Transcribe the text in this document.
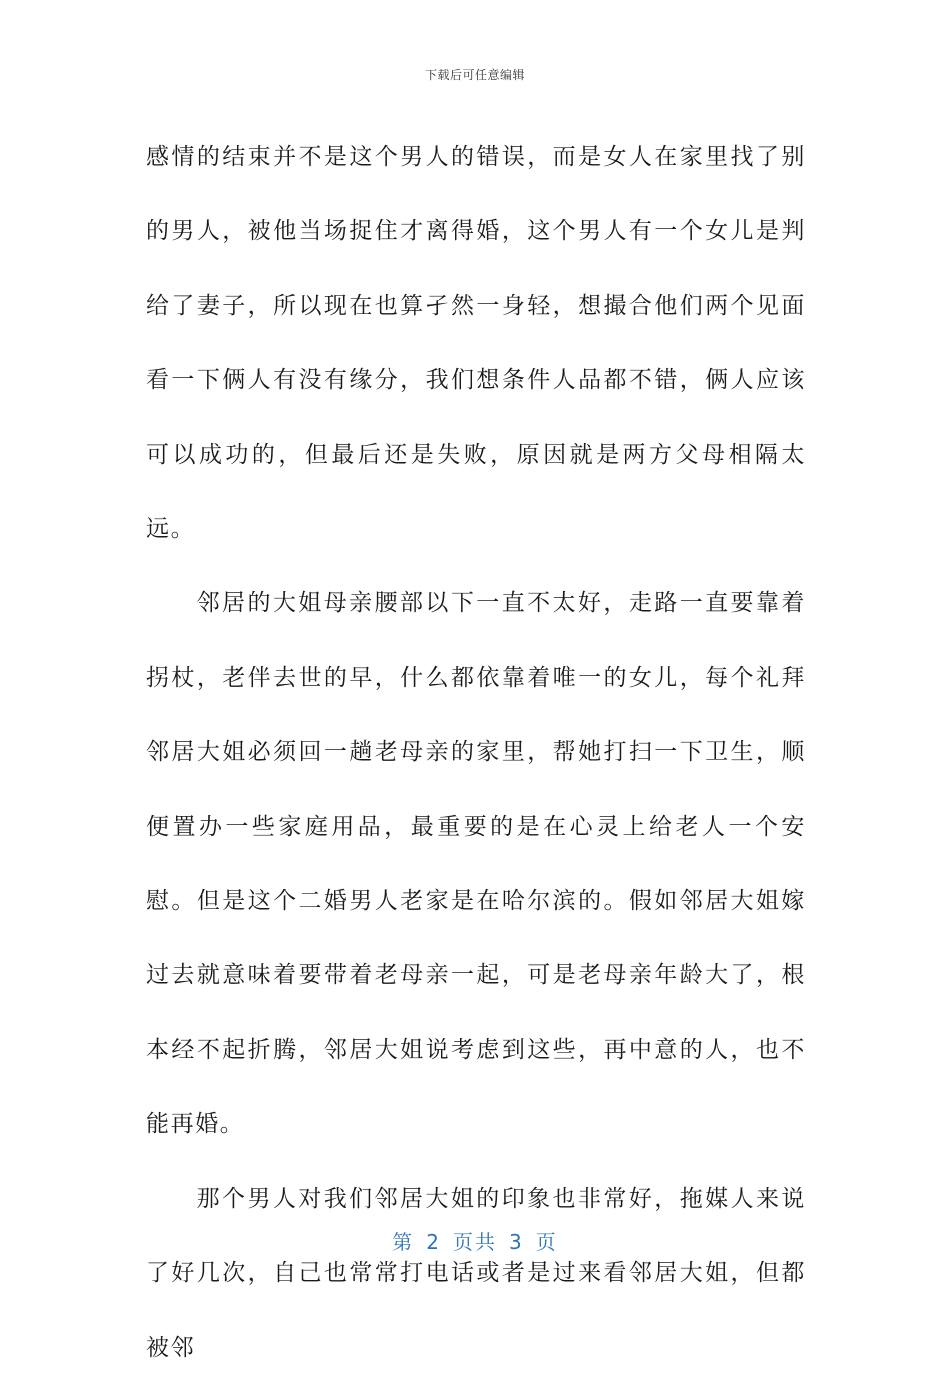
下载后可任意编辑

感情的结束并不是这个男人的错误，而是女人在家里找了别的男人，被他当场捉住才离得婚，这个男人有一个女儿是判给了妻子，所以现在也算孑然一身轻，想撮合他们两个见面看一下俩人有没有缘分，我们想条件人品都不错，俩人应该可以成功的，但最后还是失败，原因就是两方父母相隔太远。

邻居的大姐母亲腰部以下一直不太好，走路一直要靠着拐杖，老伴去世的早，什么都依靠着唯一的女儿，每个礼拜邻居大姐必须回一趟老母亲的家里，帮她打扫一下卫生，顺便置办一些家庭用品，最重要的是在心灵上给老人一个安慰。但是这个二婚男人老家是在哈尔滨的。假如邻居大姐嫁过去就意味着要带着老母亲一起，可是老母亲年龄大了，根本经不起折腾，邻居大姐说考虑到这些，再中意的人，也不能再婚。

那个男人对我们邻居大姐的印象也非常好，拖媒人来说了好几次，自己也常常打电话或者是过来看邻居大姐，但都被邻

第 2 页共 3 页
